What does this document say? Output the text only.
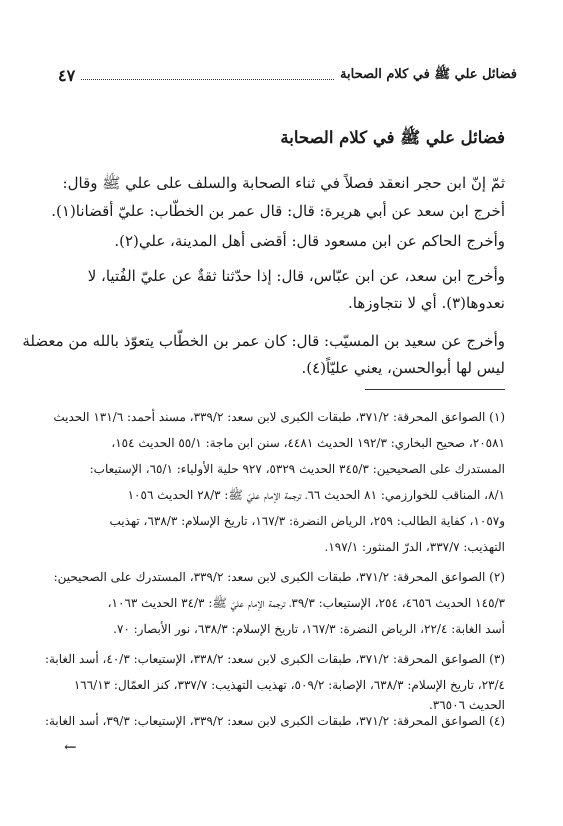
فضائل علي ﷺ في كلام الصحابة
٤٧
فضائل علي ﷺ في كلام الصحابة
ثمّ إنّ ابن حجر انعقد فصلاً في ثناء الصحابة والسلف على علي ﷺ وقال:
أخرج ابن سعد عن أبي هريرة: قال: قال عمر بن الخطّاب: عليّ أقضانا(١).
وأخرج الحاكم عن ابن مسعود قال: أقضى أهل المدينة، علي(٢).
وأخرج ابن سعد، عن ابن عبّاس، قال: إذا حدّثنا ثقةٌ عن عليّ الفُتيا، لا
نعدوها(٣). أي لا نتجاوزها.
وأخرج عن سعيد بن المسيّب: قال: كان عمر بن الخطّاب يتعوّذ بالله من معضلة
ليس لها أبوالحسن، يعني عليّاً(٤).
(١) الصواعق المحرقة: ٣٧١/٢، طبقات الكبرى لابن سعد: ٣٣٩/٢، مسند أحمد: ١٣١/٦ الحديث
٢٠٥٨١، صحيح البخاري: ١٩٢/٣ الحديث ٤٤٨١، سنن ابن ماجة: ٥٥/١ الحديث ١٥٤،
المستدرك على الصحيحين: ٣٤٥/٣ الحديث ٥٣٢٩، ٩٢٧ حلية الأولياء: ٦٥/١، الإستيعاب:
٨/١، المناقب للخوارزمي: ٨١ الحديث ٦٦، ترجمة الإمام عليّ ﷺ: ٢٨/٣ الحديث ١٠٥٦
و١٠٥٧، كفاية الطالب: ٢٥٩، الرياض النضرة: ١٦٧/٣، تاريخ الإسلام: ٦٣٨/٣، تهذيب
التهذيب: ٣٣٧/٧، الدرّ المنثور: ١٩٧/١.
(٢) الصواعق المحرقة: ٣٧١/٢، طبقات الكبرى لابن سعد: ٣٣٩/٢، المستدرك على الصحيحين:
١٤٥/٣ الحديث ٤٦٥٦، ٢٥٤، الإستيعاب: ٣٩/٣، ترجمة الإمام عليّ ﷺ: ٣٤/٣ الحديث ١٠٦٣،
أسد الغابة: ٢٢/٤، الرياض النضرة: ١٦٧/٣، تاريخ الإسلام: ٦٣٨/٣، نور الأبصار: ٧٠.
(٣) الصواعق المحرقة: ٣٧١/٢، طبقات الكبرى لابن سعد: ٣٣٨/٢، الإستيعاب: ٤٠/٣، أسد الغابة:
٢٣/٤، تاريخ الإسلام: ٦٣٨/٣، الإصابة: ٥٠٩/٢، تهذيب التهذيب: ٣٣٧/٧، كنز العمّال: ١٦٦/١٣
الحديث ٣٦٥٠٦.
(٤) الصواعق المحرقة: ٣٧١/٢، طبقات الكبرى لابن سعد: ٣٣٩/٢، الإستيعاب: ٣٩/٣، أسد الغابة:
←
